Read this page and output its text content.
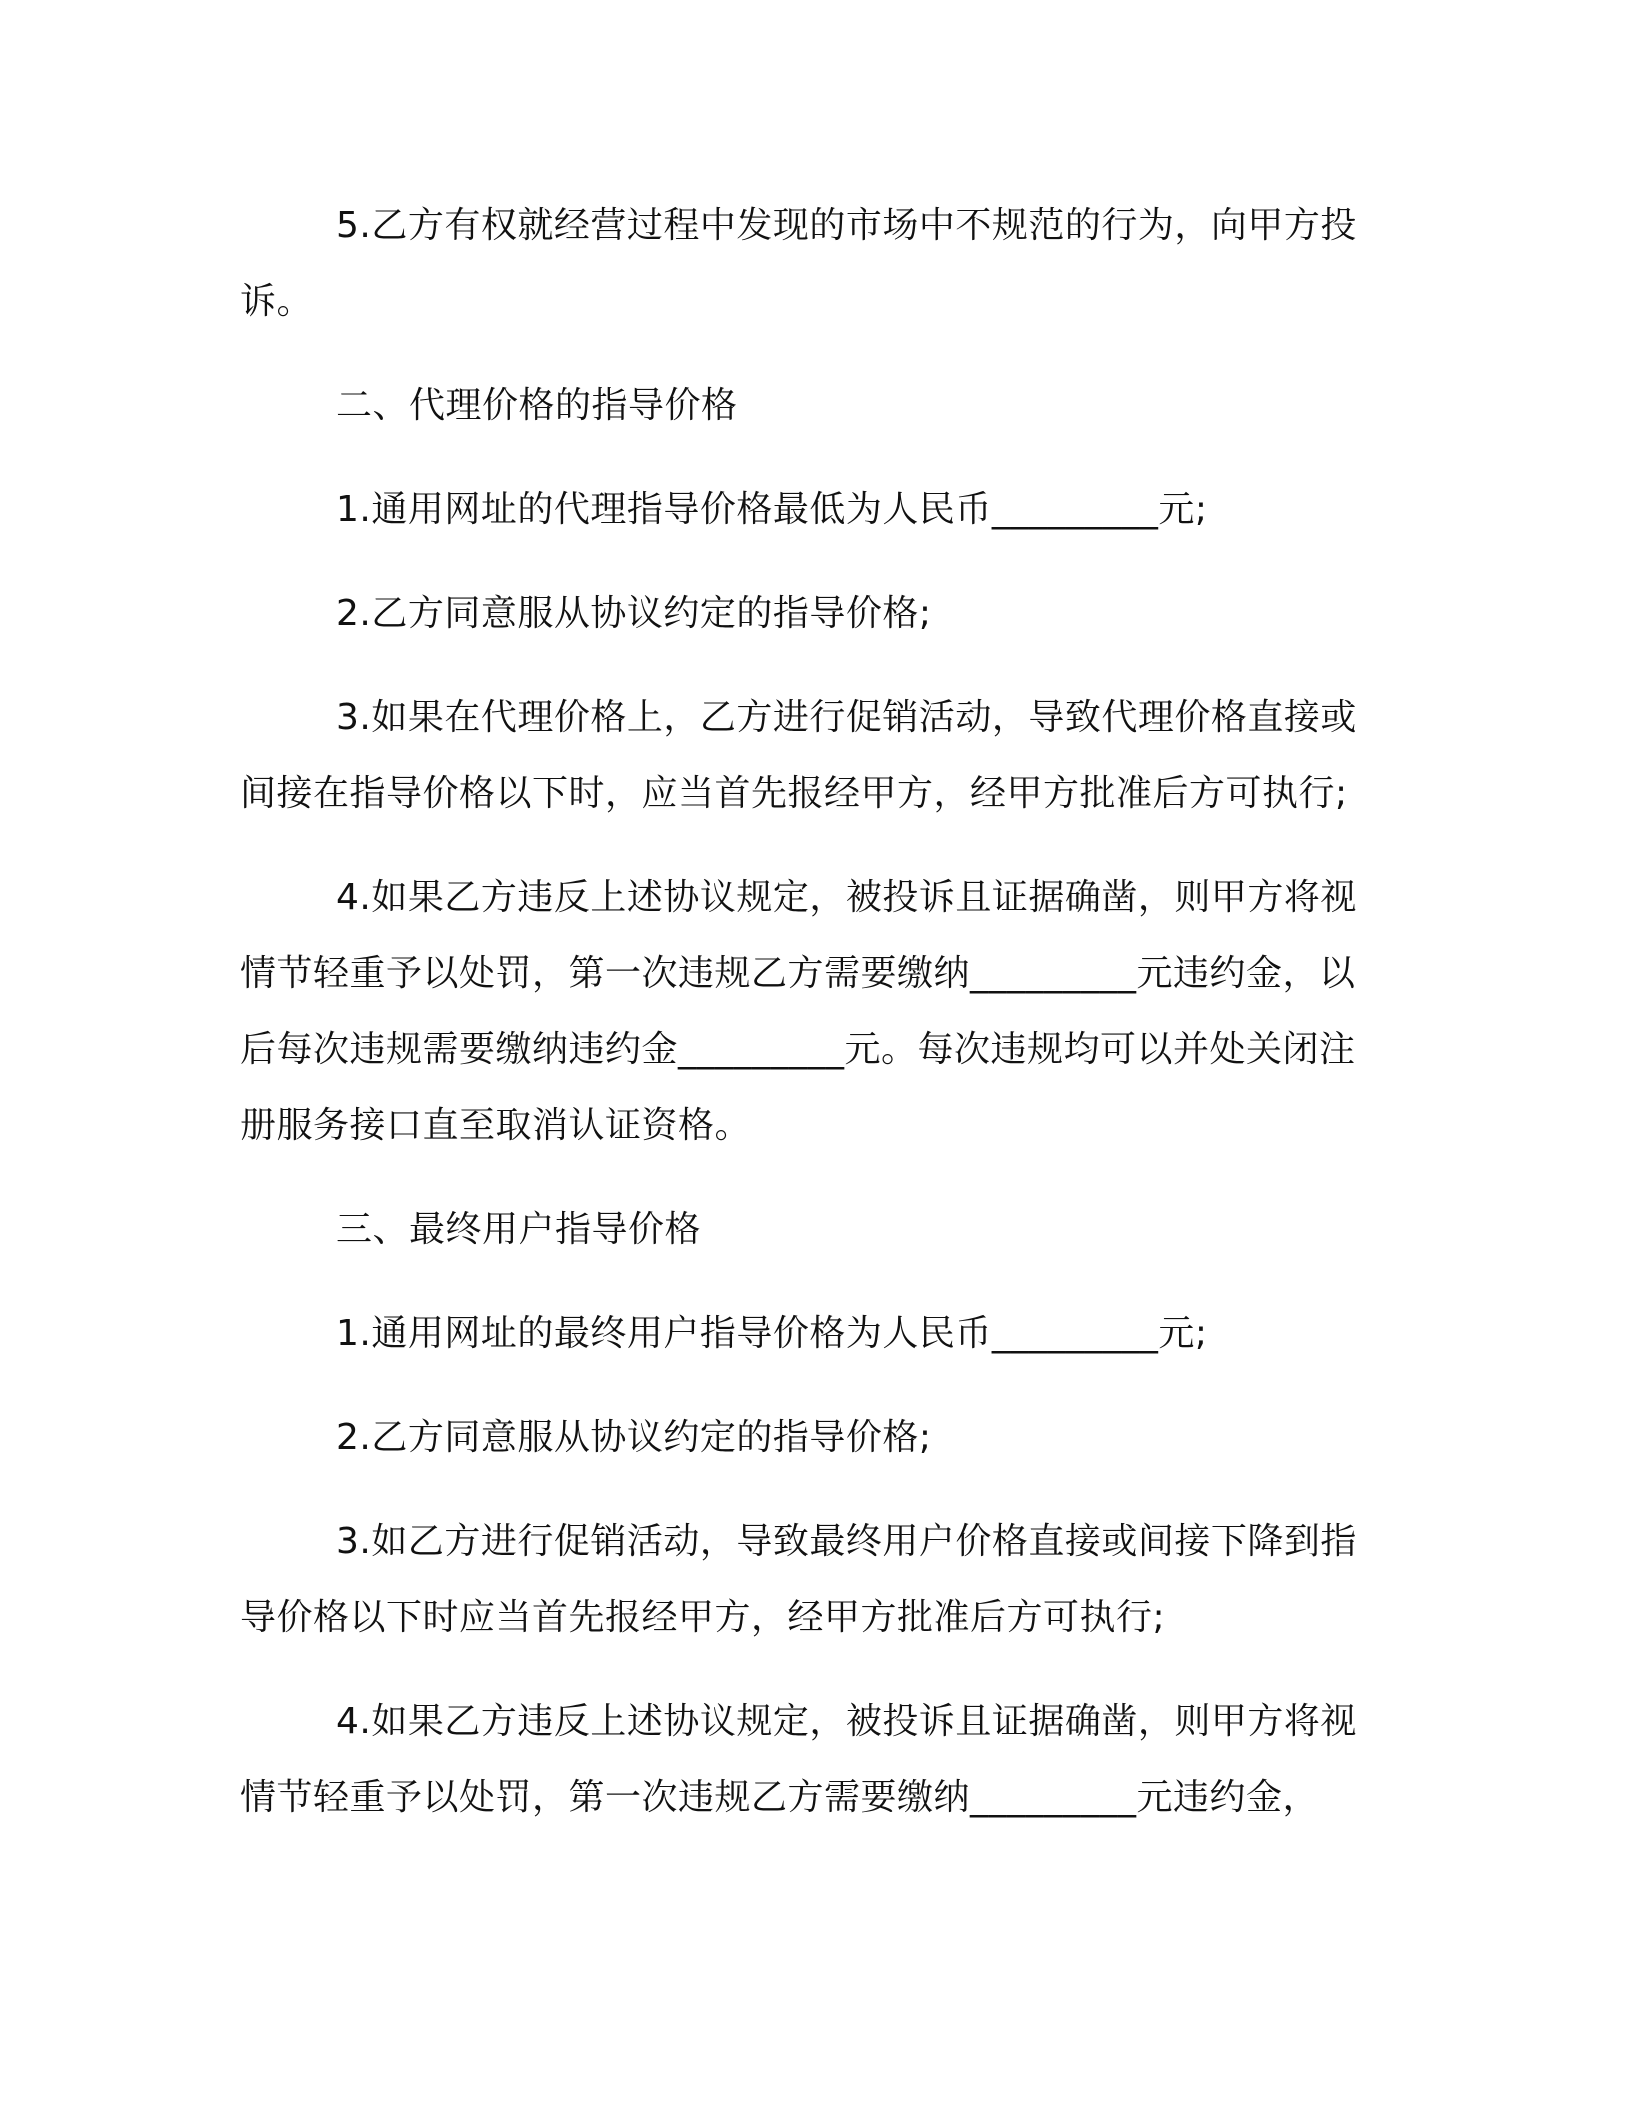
5.乙方有权就经营过程中发现的市场中不规范的行为，向甲方投诉。

二、代理价格的指导价格

1.通用网址的代理指导价格最低为人民币_________元;

2.乙方同意服从协议约定的指导价格;

3.如果在代理价格上，乙方进行促销活动，导致代理价格直接或间接在指导价格以下时，应当首先报经甲方，经甲方批准后方可执行;

4.如果乙方违反上述协议规定，被投诉且证据确凿，则甲方将视情节轻重予以处罚，第一次违规乙方需要缴纳_________元违约金，以后每次违规需要缴纳违约金_________元。每次违规均可以并处关闭注册服务接口直至取消认证资格。

三、最终用户指导价格

1.通用网址的最终用户指导价格为人民币_________元;

2.乙方同意服从协议约定的指导价格;

3.如乙方进行促销活动，导致最终用户价格直接或间接下降到指导价格以下时应当首先报经甲方，经甲方批准后方可执行;

4.如果乙方违反上述协议规定，被投诉且证据确凿，则甲方将视情节轻重予以处罚，第一次违规乙方需要缴纳_________元违约金，
